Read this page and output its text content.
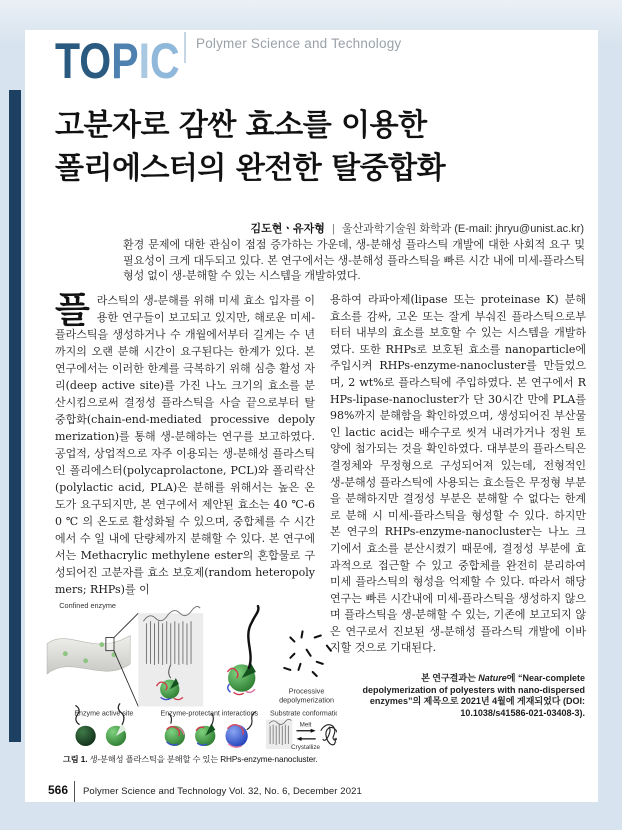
TOPIC Polymer Science and Technology
고분자로 감싼 효소를 이용한
폴리에스터의 완전한 탈중합화
김도현ㆍ유자형 | 울산과학기술원 화학과 (E-mail: jhryu@unist.ac.kr)
환경 문제에 대한 관심이 점점 증가하는 가운데, 생-분해성 플라스틱 개발에 대한 사회적 요구 및 필요성이 크게 대두되고 있다. 본 연구에서는 생-분해성 플라스틱을 빠른 시간 내에 미세-플라스틱 형성 없이 생-분해할 수 있는 시스템을 개발하였다.
플라스틱의 생-분해를 위해 미세 효소 입자를 이용한 연구들이 보고되고 있지만, 해로운 미세-플라스틱을 생성하거나 수 개월에서부터 길게는 수 년까지의 오랜 분해 시간이 요구된다는 한계가 있다. 본 연구에서는 이러한 한계를 극복하기 위해 심층 활성 자리(deep active site)를 가진 나노 크기의 효소를 분산시킴으로써 결정성 플라스틱을 사슬 끝으로부터 탈중합화(chain-end-mediated processive depolymerization)를 통해 생-분해하는 연구를 보고하였다. 공업적, 상업적으로 자주 이용되는 생-분해성 플라스틱인 폴리에스터(polycaprolactone, PCL)와 폴리락산(polylactic acid, PLA)은 분해를 위해서는 높은 온도가 요구되지만, 본 연구에서 제안된 효소는 40 ℃-60 ℃ 의 온도로 활성화될 수 있으며, 중합체를 수 시간에서 수 일 내에 단량체까지 분해할 수 있다. 본 연구에서는 Methacrylic methylene ester의 혼합물로 구성되어진 고분자를 효소 보호제(random heteropolymers; RHPs)를 이
용하여 라파아제(lipase 또는 proteinase K) 분해 효소를 감싸, 고온 또는 잘게 부숴진 플라스틱으로부터터 내부의 효소를 보호할 수 있는 시스템을 개발하였다. 또한 RHPs로 보호된 효소를 nanoparticle에 주입시켜 RHPs-enzyme-nanocluster를 만들었으며, 2 wt%로 플라스틱에 주입하였다. 본 연구에서 RHPs-lipase-nanocluster가 단 30시간 만에 PLA를 98%까지 분해함을 확인하였으며, 생성되어진 부산물인 lactic acid는 배수구로 씻겨 내려가거나 정원 토양에 첨가되는 것을 확인하였다. 대부분의 플라스틱은 결정체와 무정형으로 구성되어져 있는데, 전형적인 생-분해성 플라스틱에 사용되는 효소들은 무정형 부분을 분해하지만 결정성 부분은 분해할 수 없다는 한계로 분해 시 미세-플라스틱을 형성할 수 있다. 하지만 본 연구의 RHPs-enzyme-nanocluster는 나노 크기에서 효소를 분산시켰기 때문에, 결정성 부분에 효과적으로 접근할 수 있고 중합체를 완전히 분리하여 미세 플라스틱의 형성을 억제할 수 있다. 따라서 해당 연구는 빠른 시간내에 미세-플라스틱을 생성하지 않으며 플라스틱을 생-분해할 수 있는, 기존에 보고되지 않은 연구로서 진보된 생-분해성 플라스틱 개발에 이바지할 것으로 기대된다.
Confined enzyme
Processive
depolymerization
Enzyme active site	Enzyme-protectant interactions Substrate conformation
Melt
Crystallize
그림 1. 생-분해성 플라스틱을 분해할 수 있는 RHPs-enzyme-nanocluster.
본 연구결과는 Nature에 “Near-complete depolymerization of polyesters with nano-dispersed enzymes”의 제목으로 2021년 4월에 게재되었다 (DOI: 10.1038/s41586-021-03408-3).
566 Polymer Science and Technology Vol. 32, No. 6, December 2021
